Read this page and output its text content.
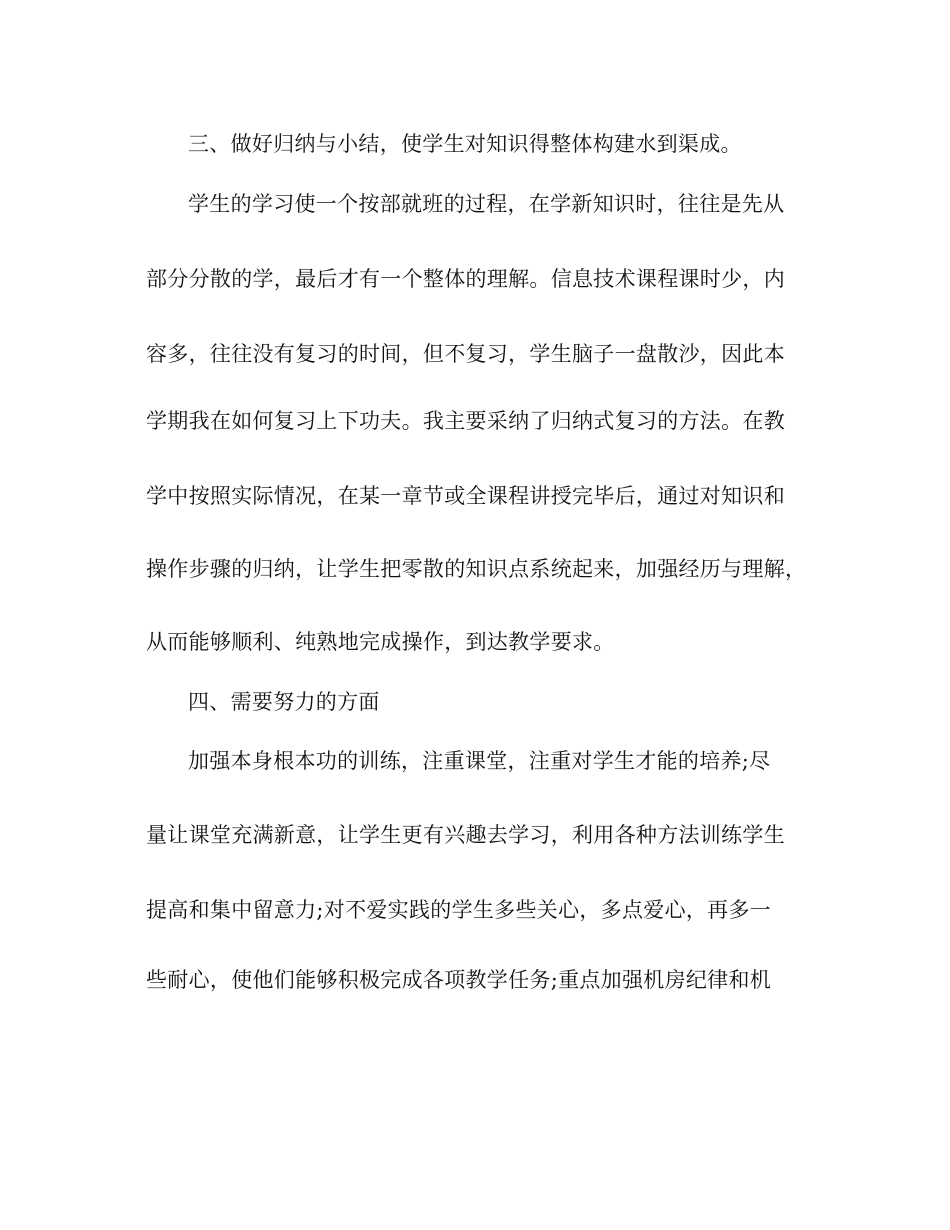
三、做好归纳与小结，使学生对知识得整体构建水到渠成。
学生的学习使一个按部就班的过程，在学新知识时，往往是先从
部分分散的学，最后才有一个整体的理解。信息技术课程课时少，内
容多，往往没有复习的时间，但不复习，学生脑子一盘散沙，因此本
学期我在如何复习上下功夫。我主要采纳了归纳式复习的方法。在教
学中按照实际情况，在某一章节或全课程讲授完毕后，通过对知识和
操作步骤的归纳，让学生把零散的知识点系统起来，加强经历与理解，
从而能够顺利、纯熟地完成操作，到达教学要求。
四、需要努力的方面
加强本身根本功的训练，注重课堂，注重对学生才能的培养;尽
量让课堂充满新意，让学生更有兴趣去学习，利用各种方法训练学生
提高和集中留意力;对不爱实践的学生多些关心，多点爱心，再多一
些耐心，使他们能够积极完成各项教学任务;重点加强机房纪律和机
